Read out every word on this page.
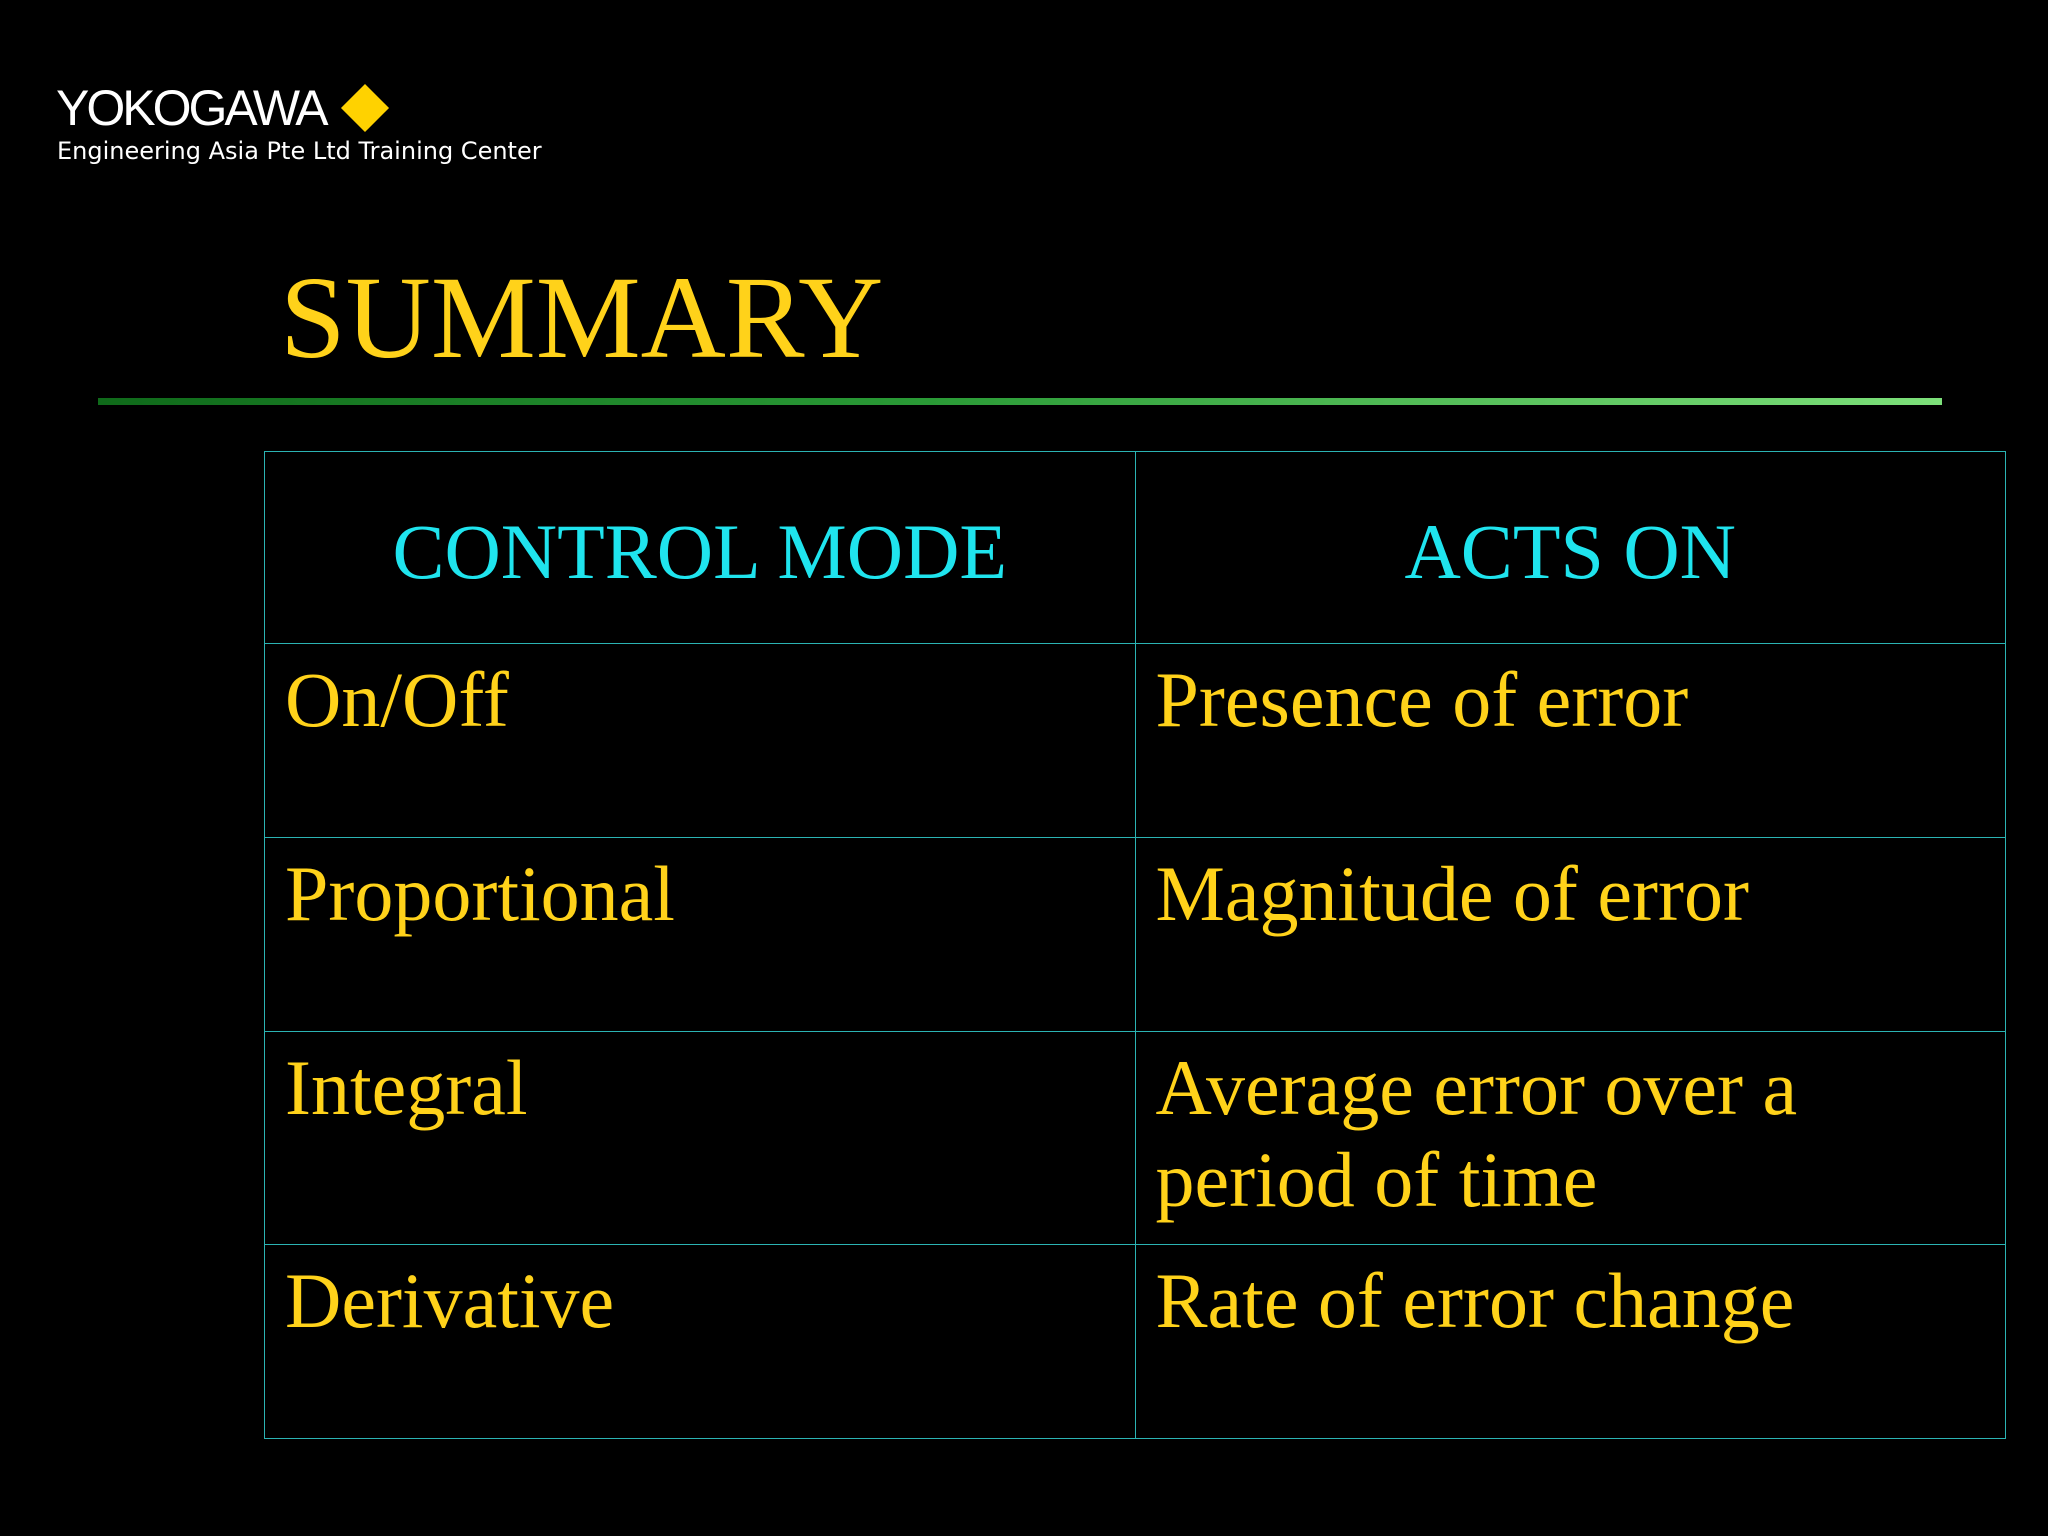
YOKOGAWA
Engineering Asia Pte Ltd Training Center
SUMMARY
CONTROL MODE	ACTS ON
On/Off	Presence of error
Proportional	Magnitude of error
Integral	Average error over a period of time
Derivative	Rate of error change
